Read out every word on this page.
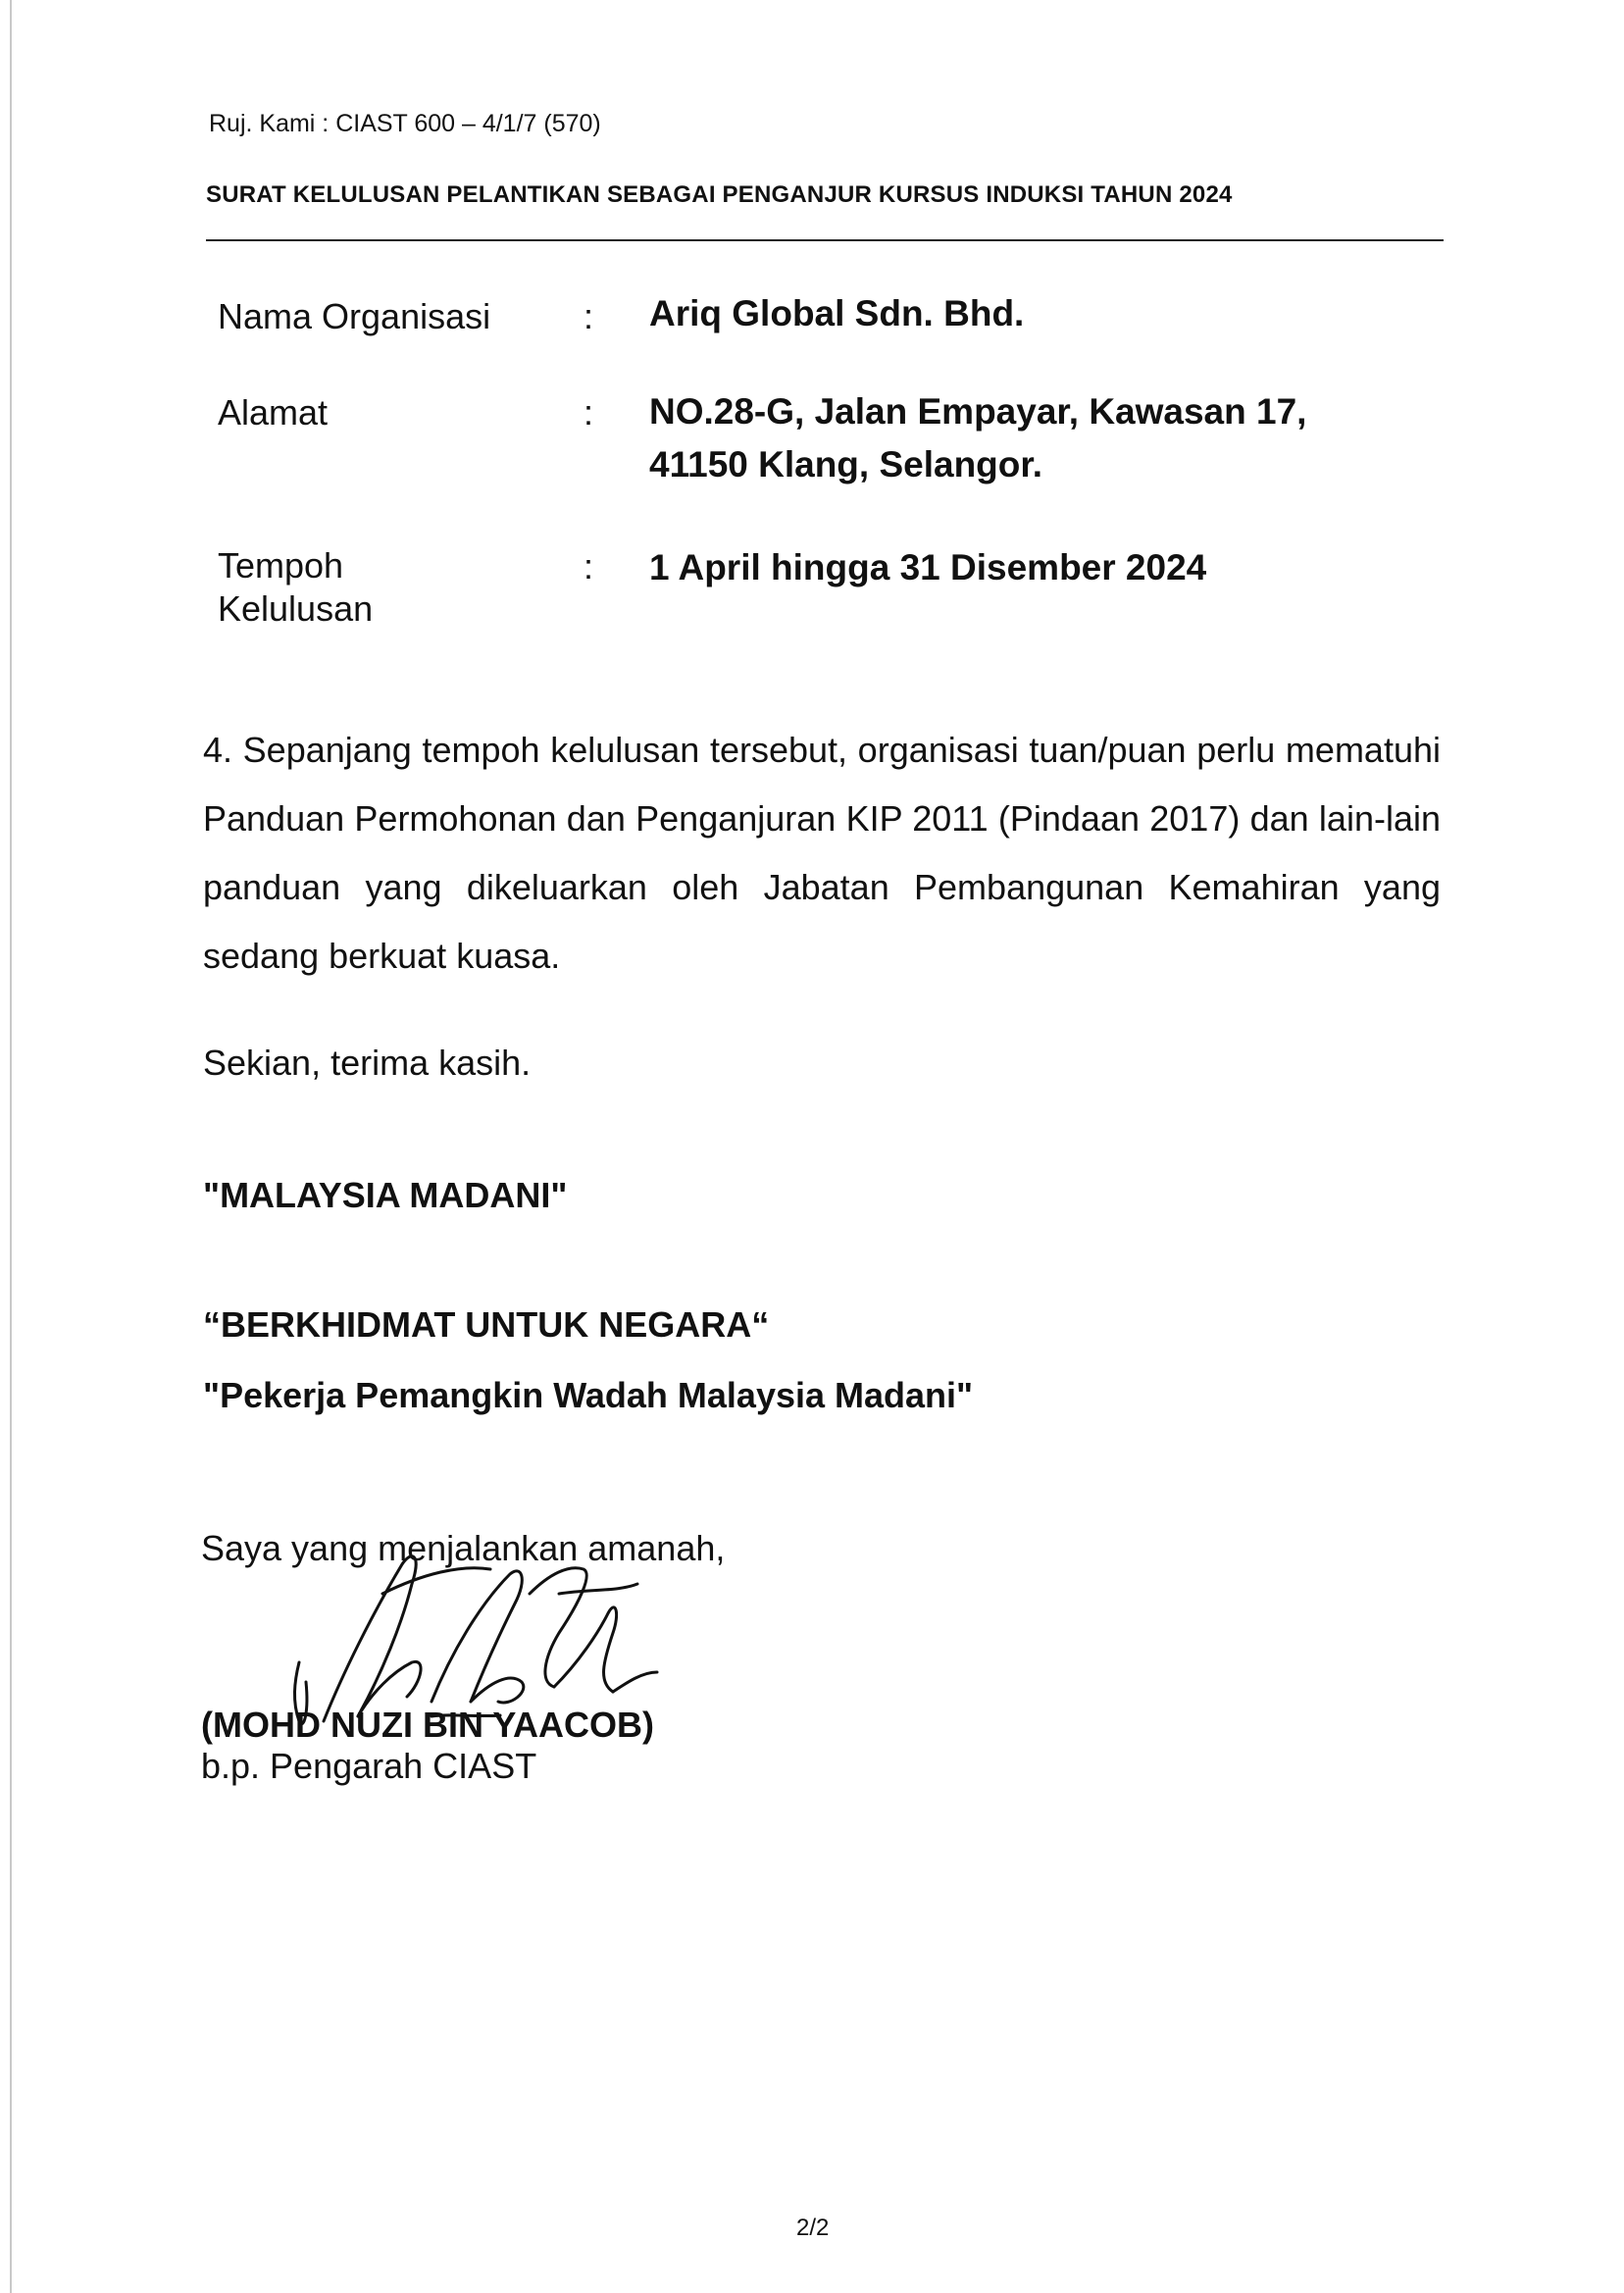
Ruj. Kami : CIAST 600 – 4/1/7 (570)
SURAT KELULUSAN PELANTIKAN SEBAGAI PENGANJUR KURSUS INDUKSI TAHUN 2024
Nama Organisasi	: Ariq Global Sdn. Bhd.
Alamat	: NO.28-G, Jalan Empayar, Kawasan 17,
41150 Klang, Selangor.
Tempoh
Kelulusan
: 1 April hingga 31 Disember 2024
4. Sepanjang tempoh kelulusan tersebut, organisasi tuan/puan perlu mematuhi Panduan Permohonan dan Penganjuran KIP 2011 (Pindaan 2017) dan lain-lain panduan yang dikeluarkan oleh Jabatan Pembangunan Kemahiran yang sedang berkuat kuasa.
Sekian, terima kasih.
"MALAYSIA MADANI"
“BERKHIDMAT UNTUK NEGARA“
"Pekerja Pemangkin Wadah Malaysia Madani"
Saya yang menjalankan amanah,
(MOHD NUZI BIN YAACOB)
b.p. Pengarah CIAST
2/2
